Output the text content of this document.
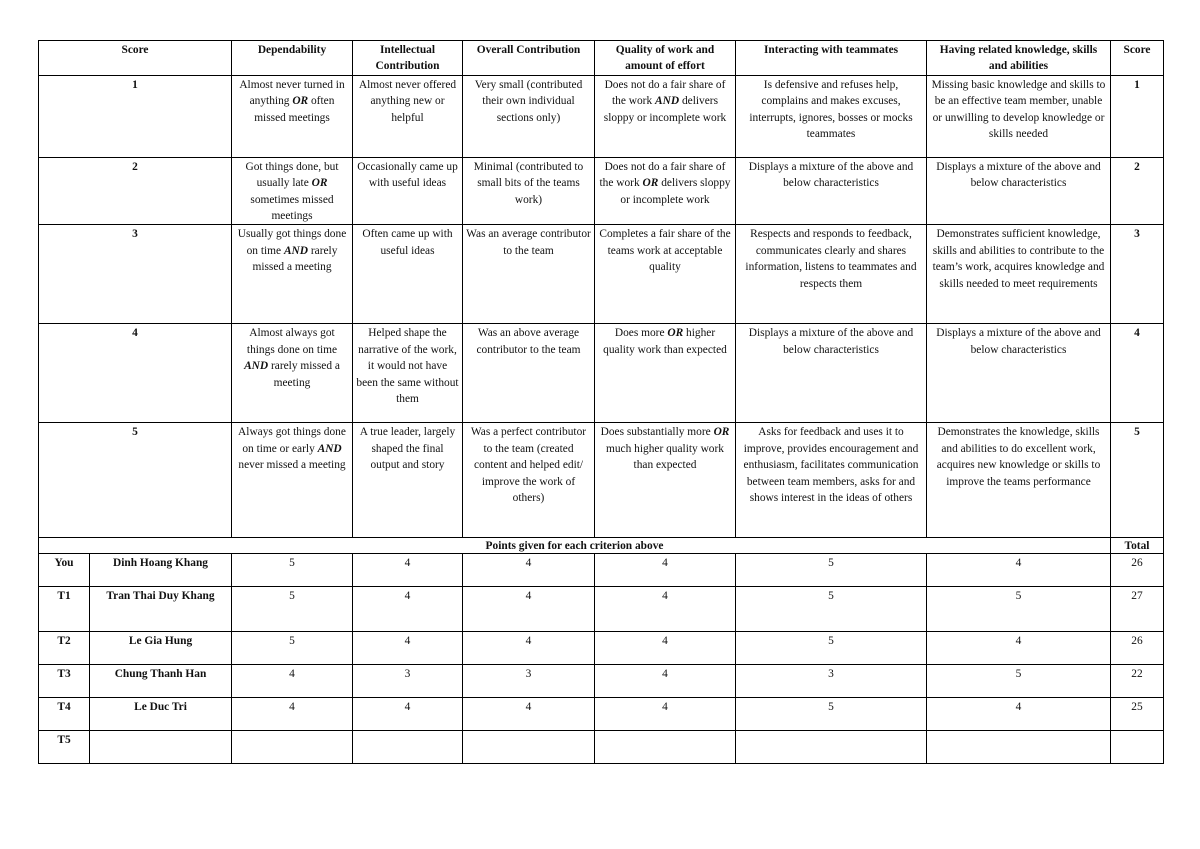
Score		Dependability	Intellectual Contribution	Overall Contribution	Quality of work and amount of effort	Interacting with teammates	Having related knowledge, skills and abilities	Score
1		Almost never turned in anything OR often missed meetings	Almost never offered anything new or helpful	Very small (contributed their own individual sections only)	Does not do a fair share of the work AND delivers sloppy or incomplete work	Is defensive and refuses help, complains and makes excuses, interrupts, ignores, bosses or mocks teammates	Missing basic knowledge and skills to be an effective team member, unable or unwilling to develop knowledge or skills needed	1
2		Got things done, but usually late OR sometimes missed meetings	Occasionally came up with useful ideas	Minimal (contributed to small bits of the teams work)	Does not do a fair share of the work OR delivers sloppy or incomplete work	Displays a mixture of the above and below characteristics	Displays a mixture of the above and below characteristics	2
3		Usually got things done on time AND rarely missed a meeting	Often came up with useful ideas	Was an average contributor to the team	Completes a fair share of the teams work at acceptable quality	Respects and responds to feedback, communicates clearly and shares information, listens to teammates and respects them	Demonstrates sufficient knowledge, skills and abilities to contribute to the team’s work, acquires knowledge and skills needed to meet requirements	3
4		Almost always got things done on time AND rarely missed a meeting	Helped shape the narrative of the work, it would not have been the same without them	Was an above average contributor to the team	Does more OR higher quality work than expected	Displays a mixture of the above and below characteristics	Displays a mixture of the above and below characteristics	4
5		Always got things done on time or early AND never missed a meeting	A true leader, largely shaped the final output and story	Was a perfect contributor to the team (created content and helped edit/ improve the work of others)	Does substantially more OR much higher quality work than expected	Asks for feedback and uses it to improve, provides encouragement and enthusiasm, facilitates communication between team members, asks for and shows interest in the ideas of others	Demonstrates the knowledge, skills and abilities to do excellent work, acquires new knowledge or skills to improve the teams performance	5
Points given for each criterion above								Total
You	Dinh Hoang Khang	5	4	4	4	5	4	26
T1	Tran Thai Duy Khang	5	4	4	4	5	5	27
T2	Le Gia Hung	5	4	4	4	5	4	26
T3	Chung Thanh Han	4	3	3	4	3	5	22
T4	Le Duc Tri	4	4	4	4	5	4	25
T5								
